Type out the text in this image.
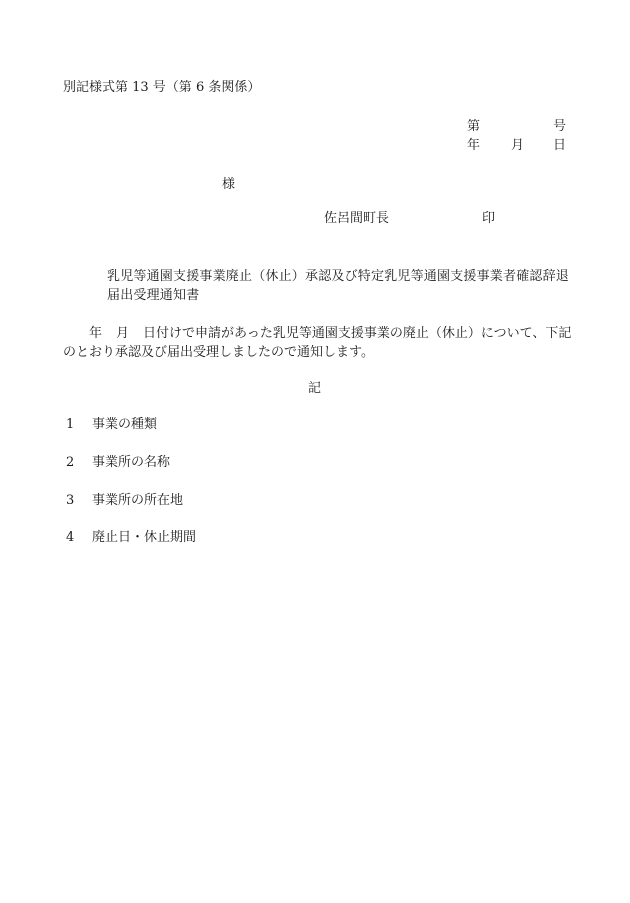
別記様式第 13 号（第 6 条関係）
第	号
年 月 日
様
佐呂間町長	印
乳児等通園支援事業廃止（休止）承認及び特定乳児等通園支援事業者確認辞退届出受理通知書
年 月 日付けで申請があった乳児等通園支援事業の廃止（休止）について、下記のとおり承認及び届出受理しましたので通知します。
記
1 事業の種類
2 事業所の名称
3 事業所の所在地
4 廃止日・休止期間
